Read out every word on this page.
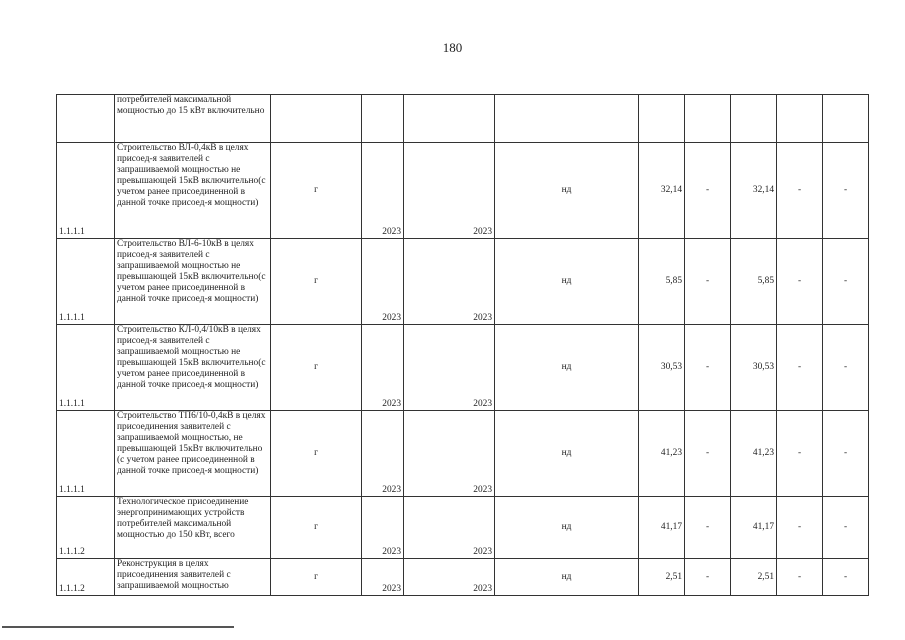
180
	потребителей максимальной мощностью до 15 кВт включительно									
1.1.1.1	Строительство ВЛ-0,4кВ в целях присоед-я заявителей с запрашиваемой мощностью не превышающей 15кВ включительно(с учетом ранее присоединенной в данной точке присоед-я мощности)	г	2023	2023	нд	32,14	-	32,14	-	-
1.1.1.1	Строительство ВЛ-6-10кВ в целях присоед-я заявителей с запрашиваемой мощностью не превышающей 15кВ включительно(с учетом ранее присоединенной в данной точке присоед-я мощности)	г	2023	2023	нд	5,85	-	5,85	-	-
1.1.1.1	Строительство КЛ-0,4/10кВ в целях присоед-я заявителей с запрашиваемой мощностью не превышающей 15кВ включительно(с учетом ранее присоединенной в данной точке присоед-я мощности)	г	2023	2023	нд	30,53	-	30,53	-	-
1.1.1.1	Строительство ТП6/10-0,4кВ в целях присоединения заявителей с запрашиваемой мощностью, не превышающей 15кВт включительно (с учетом ранее присоединенной в данной точке присоед-я мощности)	г	2023	2023	нд	41,23	-	41,23	-	-
1.1.1.2	Технологическое присоединение энергопринимающих устройств потребителей максимальной мощностью до 150 кВт, всего	г	2023	2023	нд	41,17	-	41,17	-	-
1.1.1.2	Реконструкция в целях присоединения заявителей с запрашиваемой мощностью	г	2023	2023	нд	2,51	-	2,51	-	-
